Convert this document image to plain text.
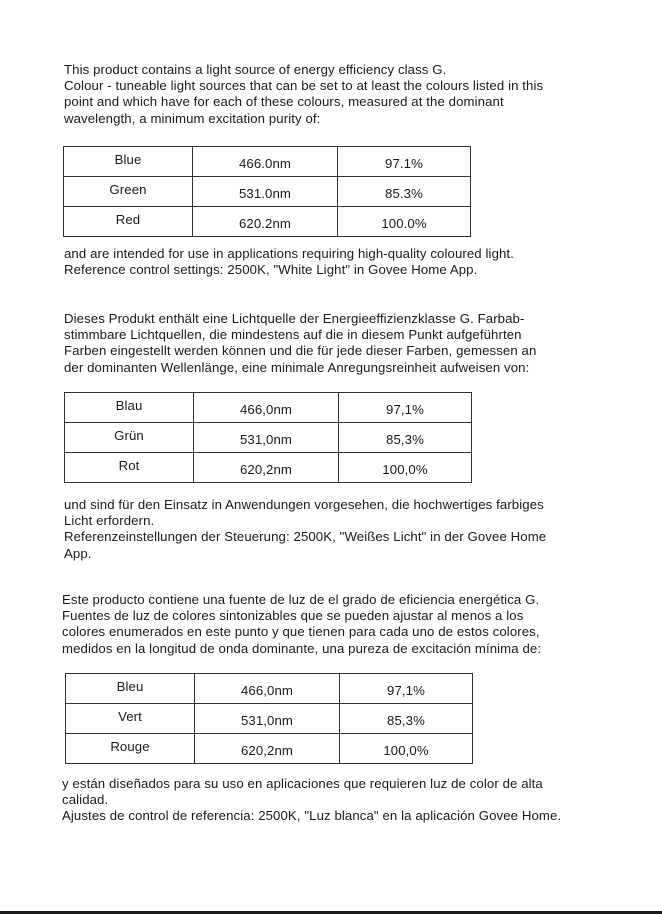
This product contains a light source of energy efficiency class G.
Colour - tuneable light sources that can be set to at least the colours listed in this
point and which have for each of these colours, measured at the dominant
wavelength, a minimum excitation purity of:

Blue	466.0nm	97.1%
Green	531.0nm	85.3%
Red	620.2nm	100.0%

and are intended for use in applications requiring high-quality coloured light.
Reference control settings: 2500K, "White Light" in Govee Home App.

Dieses Produkt enthält eine Lichtquelle der Energieeffizienzklasse G. Farbab-
stimmbare Lichtquellen, die mindestens auf die in diesem Punkt aufgeführten
Farben eingestellt werden können und die für jede dieser Farben, gemessen an
der dominanten Wellenlänge, eine minimale Anregungsreinheit aufweisen von:

Blau	466,0nm	97,1%
Grün	531,0nm	85,3%
Rot	620,2nm	100,0%

und sind für den Einsatz in Anwendungen vorgesehen, die hochwertiges farbiges
Licht erfordern.
Referenzeinstellungen der Steuerung: 2500K, "Weißes Licht" in der Govee Home
App.

Este producto contiene una fuente de luz de el grado de eficiencia energética G.
Fuentes de luz de colores sintonizables que se pueden ajustar al menos a los
colores enumerados en este punto y que tienen para cada uno de estos colores,
medidos en la longitud de onda dominante, una pureza de excitación mínima de:

Bleu	466,0nm	97,1%
Vert	531,0nm	85,3%
Rouge	620,2nm	100,0%

y están diseñados para su uso en aplicaciones que requieren luz de color de alta
calidad.
Ajustes de control de referencia: 2500K, "Luz blanca" en la aplicación Govee Home.
